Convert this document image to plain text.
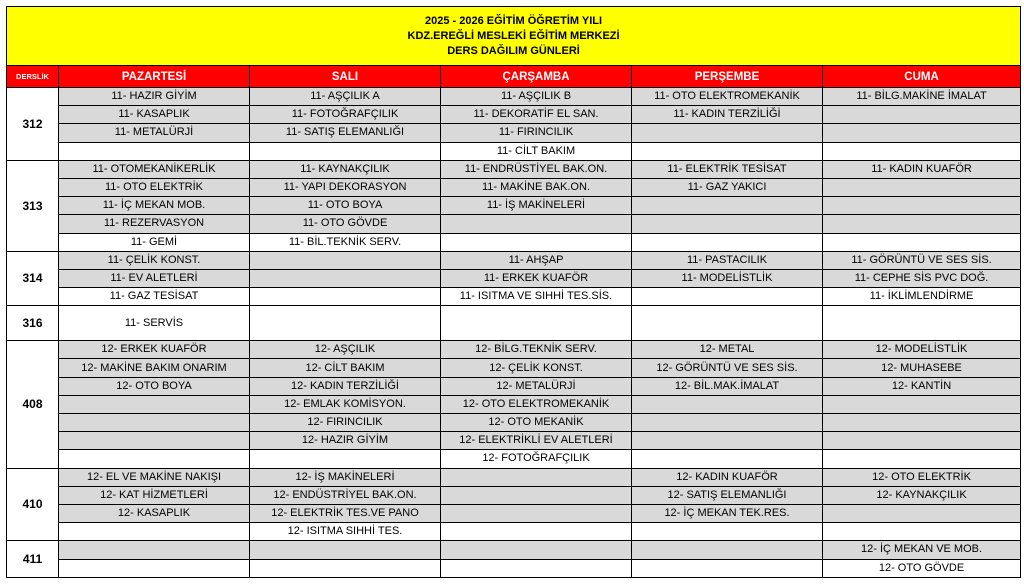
2025 - 2026 EĞİTİM ÖĞRETİM YILI
KDZ.EREĞLİ MESLEKİ EĞİTİM MERKEZİ
DERS DAĞILIM GÜNLERİ					

DERSLİK	PAZARTESİ	SALI	ÇARŞAMBA	PERŞEMBE	CUMA
312	11- HAZIR GİYİM	11- AŞÇILIK A	11- AŞÇILIK B	11- OTO ELEKTROMEKANİK	11- BİLG.MAKİNE İMALAT
	11- KASAPLIK	11- FOTOĞRAFÇILIK	11- DEKORATİF EL SAN.	11- KADIN TERZİLİĞİ	
	11- METALÜRJİ	11- SATIŞ ELEMANLIĞI	11- FIRINCILIK		
			11- CİLT BAKIM		
313	11- OTOMEKANİKERLİK	11- KAYNAKÇILIK	11- ENDRÜSTİYEL BAK.ON.	11- ELEKTRİK TESİSAT	11- KADIN KUAFÖR
	11- OTO ELEKTRİK	11- YAPI DEKORASYON	11- MAKİNE BAK.ON.	11- GAZ YAKICI	
	11- İÇ MEKAN MOB.	11- OTO BOYA	11- İŞ MAKİNELERİ		
	11- REZERVASYON	11- OTO GÖVDE			
	11- GEMİ	11- BİL.TEKNİK SERV.			
314	11- ÇELİK KONST.		11- AHŞAP	11- PASTACILIK	11- GÖRÜNTÜ VE SES SİS.
	11- EV ALETLERİ		11- ERKEK KUAFÖR	11- MODELİSTLİK	11- CEPHE SİS PVC DOĞ.
	11- GAZ TESİSAT		11- ISITMA VE SIHHİ TES.SİS.		11- İKLİMLENDİRME
316	11- SERVİS				
408	12- ERKEK KUAFÖR	12- AŞÇILIK	12- BİLG.TEKNİK SERV.	12- METAL	12- MODELİSTLİK
	12- MAKİNE BAKIM ONARIM	12- CİLT BAKIM	12- ÇELİK KONST.	12- GÖRÜNTÜ VE SES SİS.	12- MUHASEBE
	12- OTO BOYA	12- KADIN TERZİLİĞİ	12- METALÜRJİ	12- BİL.MAK.İMALAT	12- KANTİN
		12- EMLAK KOMİSYON.	12- OTO ELEKTROMEKANİK		
		12- FIRINCILIK	12- OTO MEKANİK		
		12- HAZIR GİYİM	12- ELEKTRİKLİ EV ALETLERİ		
			12- FOTOĞRAFÇILIK		
410	12- EL VE MAKİNE NAKIŞI	12- İŞ MAKİNELERİ		12- KADIN KUAFÖR	12- OTO ELEKTRİK
	12- KAT HİZMETLERİ	12- ENDÜSTRİYEL BAK.ON.		12- SATIŞ ELEMANLIĞI	12- KAYNAKÇILIK
	12- KASAPLIK	12- ELEKTRİK TES.VE PANO		12- İÇ MEKAN TEK.RES.	
		12- ISITMA SIHHİ TES.			
411					12- İÇ MEKAN VE MOB.
					12- OTO GÖVDE
